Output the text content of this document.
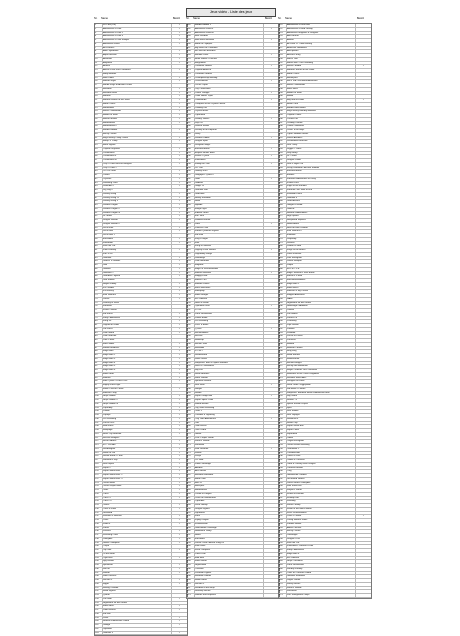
Jeux vidéo - Liste des jeux
Nr.	Name	Besitz
1	3D Pool (US)	✓
2	Adventures of Lolo	✓
3	Adventures of Lolo 2	✓
4	Adventures of Lolo 3	✓
5	Adventures of Tom Sawyer	✓
6	Adventure Island	✓
7	Air Fortress
8	Alien Syndrome	✓
9	Alpha Mission	✓
10	Arkanoid	✓
11	Astyanax	✓
12	Athena
13	Attack of the Killer Tomatoes	✓
14	Baby Boomer
15	Bad Dudes	✓
16	Balloon Fight	✓
17	Bandit Kings of Ancient China
18	Baseball	✓
19	Baseball Stars	✓
20	Batman	✓
21	Batman Return of the Joker	✓
22	Battle Chess	✓
23	Battletoads	✓
24	Bionic Commando	✓
25	Blades of Steel	✓
26	Blaster Master	✓
27	Bomberman	✓
28	Bomberman II
29	Bubble Bobble	✓
30	Bucky O'Hare
31	Bugs Bunny Crazy Castle	✓
32	Bump 'n' Jump	✓
33	Burai Fighter
34	Captain Skyhawk	✓
35	Castlevania	✓
36	Castlevania II	✓
37	Castlevania III	✓
38	Chip 'n Dale Rescue Rangers	✓
39	Chip 'n Dale 2
40	Clu Clu Land	✓
41	Contra	✓
42	Crystalis	✓
43	Darkwing Duck	✓
44	Defender II	✓
45	Dig Dug II
46	Donkey Kong	✓
47	Donkey Kong Jr.	✓
48	Donkey Kong 3	✓
49	Double Dragon	✓
50	Double Dragon II	✓
51	Double Dragon III	✓
52	Dr. Mario	✓
53	Dragon Warrior	✓
54	Dragon Warrior II
55	Duck Hunt	✓
56	DuckTales	✓
57	DuckTales 2
58	Excitebike	✓
59	Faxanadu	✓
60	Felix the Cat
61	Final Fantasy	✓
62	Fire 'n Ice
63	Gauntlet	✓
64	Ghosts 'n Goblins	✓
65	Golf	✓
66	Gradius	✓
67	Gremlins 2	✓
68	Guardian Legend	✓
69	Gun.Smoke
70	Hogan's Alley	✓
71	Ice Climber	✓
72	Ice Hockey	✓
73	Ikari Warriors	✓
74	Jackal	✓
75	Journey to Silius
76	Karateka
77	Kickle Cubicle
78	Kid Icarus	✓
79	Kirby's Adventure	✓
80	Kung Fu	✓
81	Legend of Zelda	✓
82	Life Force	✓
83	Little Nemo	✓
84	Little Samson
85	Low G Man
86	Mach Rider	✓
87	Marble Madness	✓
88	Mega Man	✓
89	Mega Man 2	✓
90	Mega Man 3	✓
91	Mega Man 4	✓
92	Mega Man 5	✓
93	Mega Man 6	✓
94	Metal Gear	✓
95	Metroid	✓
96	Mike Tyson's Punch-Out!!	✓
97	Mighty Final Fight
98	Milon's Secret Castle	✓
99	Monster Party
100	Ninja Gaiden	✓
101	Ninja Gaiden II	✓
102	Ninja Gaiden III	✓
103	Paperboy	✓
104	Pinball	✓
105	Popeye	✓
106	Pro Wrestling	✓
107	Punch-Out!!	✓
108	Rad Racer	✓
109	Rampage	✓
110	River City Ransom	✓
111	Rescue Rangers
112	Rush'n Attack	✓
113	R.C. Pro-Am	✓
114	Shadowgate	✓
115	Skate or Die	✓
116	Snake Rattle 'n' Roll	✓
117	Solomon's Key	✓
118	StarTropics	✓
119	Super C	✓
120	Super Mario Bros.	✓
121	Super Mario Bros. 2	✓
122	Super Mario Bros. 3	✓
123	Tecmo Bowl	✓
124	Tecmo Super Bowl	✓
125	Tetris	✓
126	TMNT	✓
127	TMNT II	✓
128	TMNT III
129	Tennis	✓
130	Track & Field	✓
131	Uninvited
132	Wizards & Warriors	✓
133	Yoshi	✓
134	Zelda II	✓
135	Zanac
136	Xevious	✓
137	Wrecking Crew	✓
138	Volleyball	✓
139	Urban Champion	✓
140	Trojan
141	Top Gun	✓
142	To the Earth
143	Tiger-Heli	✓
144	Spy Hunter
145	Spelunker	✓
146	Soccer	✓
147	Slalom	✓
148	Silent Service
149	Section Z	✓
150	Rygar	✓
151	Rolling Thunder
152	Road Fighter
153	Quarth
154	Pac-Man	✓
155	Nightmare on Elm Street
156	Mario Bros.	✓
157	Lode Runner	✓
158	Kid Niki
159	Joust	✓
160	Hudson's Adventure Island	✓
161	Galaga	✓
162	Gyromite
163	Goonies II	✓
Nr.	Name	Besitz
161	Bubble Bobble 2
162	Adventure Island II	✓
163	Adventure Island III
164	Blue Shadow
165	Bad News Baseball	✓
166	Battle of Olympus
167	Big Nose the Caveman
168	Bo Jackson Baseball
169	Boulder Dash	✓
170	Bram Stoker's Dracula
171	Burgertime
172	California Games	✓
173	Captain America
174	Caveman Games
175	Championship Bowling
176	Chessmaster	✓
177	Circus Caper
178	City Connection
179	Cobra Triangle	✓
180	Code Name: Viper
181	Commando	✓
182	Conquest of the Crystal Palace
183	Cowboy Kid
184	Crystal Mines
185	Cybernoid
186	Deadly Towers	✓
187	Déjà Vu
188	Demon Sword
189	Destiny of an Emperor
190	Dizzy
191	Double Dribble	✓
192	Dragon Spirit
193	Dungeon Magic
194	Elevator Action	✓
195	Empire Strikes Back
196	Fester's Quest	✓
197	Flintstones
198	Friday the 13th	✓
199	G.I. Joe
200	Galaxy 5000
201	Gargoyle's Quest II
202	Goal!	✓
203	Godzilla
204	Golgo 13
205	Guerrilla War
206	Gumshoe
207	Heavy Shreddin'
208	Hook
209	Hydlide
210	Image Fight
211	Indiana Jones
212	Iron Tank
213	Isolated Warrior
214	Jaws	✓
215	Jurassic Park
216	Kabuki Quantum Fighter
217	Kid Kool
218	King's Knight
219	Klax
220	Kung-Fu Heroes
221	Legacy of the Wizard	✓
222	Legendary Wings
223	Lemmings
224	Little Mermaid
225	Magmax
226	Magic of Scheherazade
227	Maniac Mansion	✓
228	Mappy-Land
229	Master Chu
230	Mendel Palace
231	Micro Machines
232	Monopoly
233	Moon Ranger
234	Mr. Gimmick
235	North & South
236	Operation Wolf	✓
237	P.O.W.
238	Panic Restaurant
239	Power Blade
240	Pro Wrestling
241	Puss 'n Boots
242	Q*bert	✓
243	Racket Attack
244	Rescue
245	Robocop
246	Rockin' Kats
247	Rollerball
248	S.C.A.T.
249	Shatterhand
250	Silver Surfer
251	Simpsons: Bart vs Space Mutants
252	Skull & Crossbones
253	Sky Kid
254	Snow Brothers
255	Solar Jetman
256	Spiritual Warfare
257	Star Wars	✓
258	Stinger
259	Strider
260	Super Dodge Ball	✓
261	Super Spike V'Ball
262	Sword Master
263	Tag Team Wrestling
264	Tetris 2
265	Thunder & Lightning
266	Tiny Toon Adventures	✓
267	Toki
268	Total Recall
269	Twin Cobra
270	Ultima
271	Vice: Project Doom
272	Wario's Woods
273	Werewolf
274	Wild Gunman	✓
275	Willow
276	Xexyz
277	Yo! Noid
278	Zoda's Revenge
279	Abadox
280	Arch Rivals
281	Baseball Simulator
282	Battle Tank
283	Bee 52
284	Blackjack
285	Bomberman
286	Castle of Dragon
287	Clash at Demonhead
288	Cyberball
289	Dash Galaxy
290	Dragon Fighter
291	Dynowarz
292	Faria
293	Flying Dragon
294	Frankenstein
295	Gold Medal Challenge
296	Hammerin' Harry
297	Hatris
298	Ironsword
299	Jackie Chan's Action Kung Fu
300	Kiwi Kraze
301	Krion Conquest
302	Lunar Pool
303	Mad Max
304	Metal Storm
305	Nightshade
306	Overlord
307	Phantom Fighter
308	Rainbow Islands
309	Robin Hood
310	Section Z
311	Shadow of the Ninja
312	StarShip Hector
313	Swords and Serpents
Nr.	Name	Besitz
321	Adventures of Dino Riki
322	Adventures of Rad Gravity
323	Advanced Dungeons & Dragons
324	After Burner
325	Airwolf
326	Al Unser Jr. Turbo Racing
327	American Gladiators
328	Anticipation
329	Arkista's Ring
330	Bard's Tale
331	Barker Bill's Trick Shooting
332	Bases Loaded	✓
333	Batman: Return of the Joker
334	Battle Chess
335	Beetlejuice
336	Bill & Ted's Excellent Adventure
337	Bionic Commando
338	Black Bass
339	Blades of Steel
340	Blodia
341	Boy and His Blob	✓
342	Break Time
343	Bubble Bath Babes
344	Bugs Bunny Birthday Blowout
345	Captain Comic
346	Casino Kid
347	Chubby Cherub
348	Cobra Command
349	Crash 'n the Boys
350	Cyber Stadium Series
351	Dance Aerobics
352	Destination Earthstar
353	Dick Tracy
354	Digger T. Rock
355	Dirty Harry
356	Dr. Chaos
357	Dragon Power
358	Drac's Night Out
359	Dusty Diamond's All-Star Softball
360	Elevator Action
361	Exodus
362	Fantastic Adventures of Dizzy
363	Fisher-Price
364	Flight of the Intruder
365	Formula One: Built to Win
366	Freedom Force
367	Gauntlet II
368	Ghostbusters
369	Gilligan's Island
370	Gotcha!
371	Harlem Globetrotters
372	High Speed
373	Hollywood Squares
374	Home Alone
375	Hunt for Red October
376	Ikari Warriors II
377	Infiltrator
378	Jeopardy!
379	Jetsons
380	Jordan vs Bird
381	Kings of the Beach
382	Laser Invasion
383	Last Starfighter
384	Lethal Weapon
385	Loopz
386	M.U.S.C.L.E.
387	Magic Johnson's Fast Break
388	Marvel's X-Men
389	Mechanized Attack
390	Mega Man 2
391	Metal Mech
392	Monster in My Pocket
393	Muppet Adventure
394	NARC
395	Nightmare on Elm Street
396	Nobunaga's Ambition
397	Othello
398	Pac-Mania
399	Perfect Fit
400	Pictionary
401	Pipe Dream
402	Platoon
403	Predator
404	Prince of Persia
405	Punisher
406	Rambo
407	Remote Control
408	Ring King
409	Road Runner
410	RoboWarrior
411	Rocket Ranger
412	Rocky and Bullwinkle
413	Roger Clemens' MVP Baseball
414	Romance of the Three Kingdoms
415	Sesame Street ABC
416	Shingen the Ruler
417	Short Order / Eggsplode
418	Sid Meier's Pirates!
419	Simpsons: Bartman Meets Radioactive Man
420	Sky Shark
421	Smash TV
422	Space Shuttle Project
423	Spot
424	Star Soldier
425	Star Voyager
426	Stealth ATF
427	Street Cop
428	Super Glove Ball
429	Super Pitfall
430	Superman
431	Taboo
432	Target Renegade
433	Tecmo World Wrestling
434	Terminator 2
435	Thundercade
436	Times of Lore
437	Tombs & Treasure
438	Town & Country Surf Designs
439	Treasure Master
440	Trog
441	Ultimate Air Combat
442	Uncharted Waters
443	Venice Beach Volleyball
444	Wall Street Kid
445	Wayne's World
446	Wheel of Fortune
447	Whomp 'Em
448	Wizardry
449	World Champ
450	Wrath of the Black Manta
451	WWF WrestleMania
452	Yoshi's Cookie	✓
453	Young Indiana Jones
454	Zombie Nation
455	Alfred Chicken
456	Bucky O'Hare
457	Cliffhanger
458	Dragon's Lair
459	Felix the Cat
460	Flintstones: Dinosaur Peak
461	Kirby's Adventure
462	Mega Man 6
463	Mr. Gimmick
464	Ninja Crusaders
465	Panic Restaurant
466	Sunday Funday
467	Trolls on Treasure Island
468	Ultimate Stuntman
469	Vegas Dream
470	Wacky Races
471	Wario's Woods
472	Wolverine
473	Zen: Intergalactic Ninja
